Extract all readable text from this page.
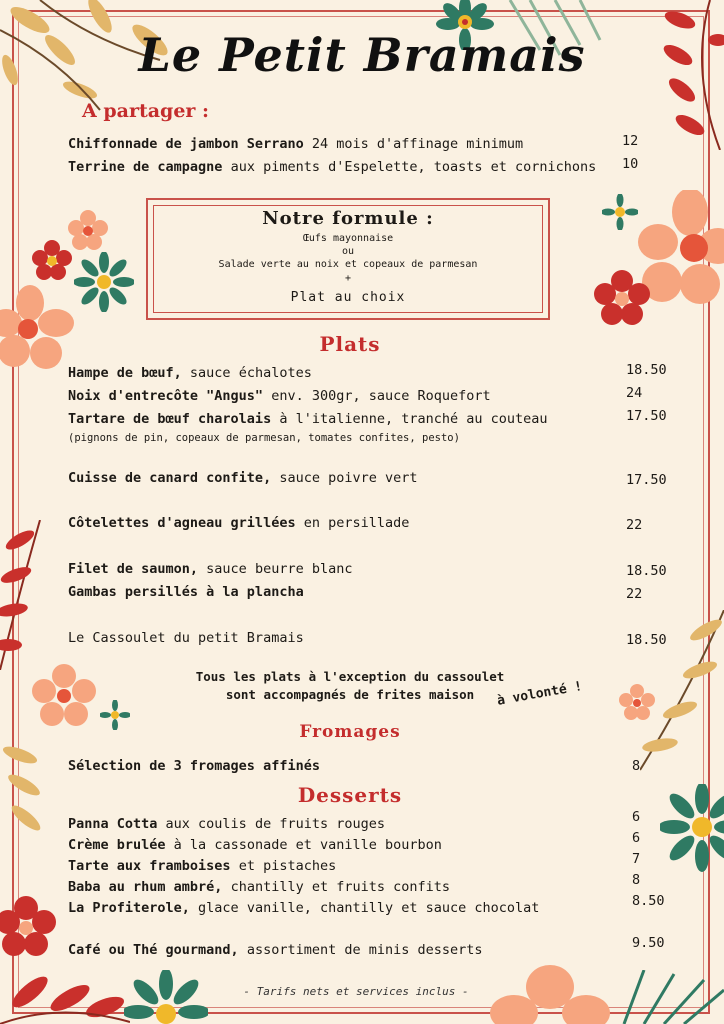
Le Petit Bramais
A partager :
Chiffonnade de jambon Serrano 24 mois d'affinage minimum	12
Terrine de campagne aux piments d'Espelette, toasts et cornichons 10
Notre formule :
Œufs mayonnaise
ou
Salade verte au noix et copeaux de parmesan
+
Plat au choix
Plats
Hampe de bœuf, sauce échalotes	18.50
Noix d'entrecôte "Angus" env. 300gr, sauce Roquefort	24
Tartare de bœuf charolais à l'italienne, tranché au couteau	17.50
(pignons de pin, copeaux de parmesan, tomates confites, pesto)
Cuisse de canard confite, sauce poivre vert	17.50
Côtelettes d'agneau grillées en persillade	22
Filet de saumon, sauce beurre blanc	18.50
Gambas persillés à la plancha	22
Le Cassoulet du petit Bramais	18.50
Tous les plats à l'exception du cassoulet
sont accompagnés de frites maison	à volonté !
Fromages
Sélection de 3 fromages affinés	8
Desserts
Panna Cotta aux coulis de fruits rouges	6
Crème brulée à la cassonade et vanille bourbon	6
Tarte aux framboises et pistaches	7
Baba au rhum ambré, chantilly et fruits confits	8
La Profiterole, glace vanille, chantilly et sauce chocolat	8.50
Café ou Thé gourmand, assortiment de minis desserts	9.50
- Tarifs nets et services inclus -
